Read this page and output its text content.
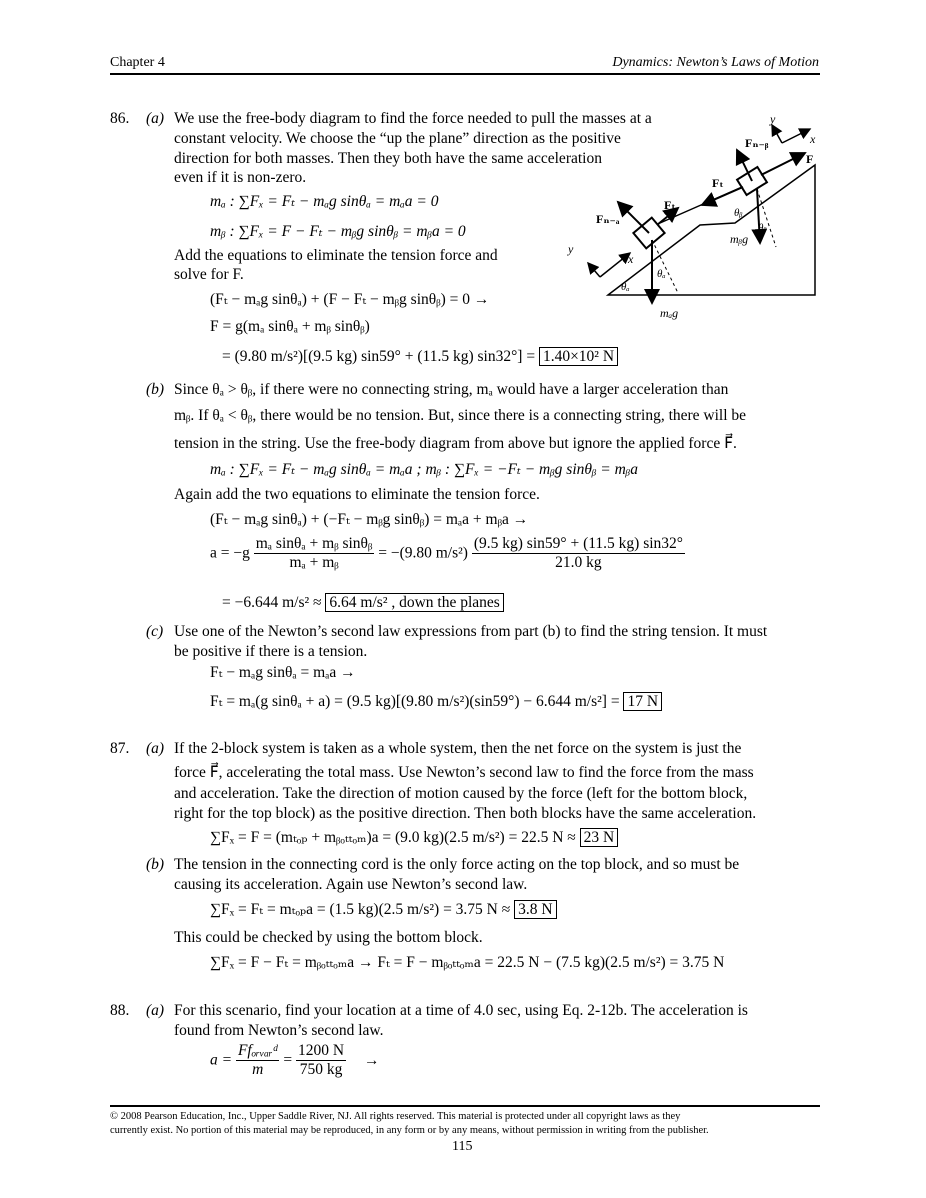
Chapter 4	Dynamics: Newton’s Laws of Motion
86. (a) We use the free-body diagram to find the force needed to pull the masses at a
constant velocity. We choose the “up the plane” direction as the positive
direction for both masses. Then they both have the same acceleration
even if it is non-zero.
mₐ : ∑Fₓ = Fₜ − mₐg sinθₐ = mₐa = 0
mᵦ : ∑Fₓ = F − Fₜ − mᵦg sinθᵦ = mᵦa = 0
Add the equations to eliminate the tension force and
solve for F.
(Fₜ − mₐg sinθₐ) + (F − Fₜ − mᵦg sinθᵦ) = 0 →
F = g(mₐ sinθₐ + mᵦ sinθᵦ)
= (9.80 m/s²)[(9.5 kg) sin59° + (11.5 kg) sin32°] = 1.40×10² N
y
x
y
x
Fₙ₋ᵦ
F
Fₜ
Fₜ
Fₙ₋ₐ	θᵦ
θᵦ
mᵦg
θₐ
θₐ
mₐg
(b) Since θₐ > θᵦ, if there were no connecting string, mₐ would have a larger acceleration than
mᵦ. If θₐ < θᵦ, there would be no tension. But, since there is a connecting string, there will be
tension in the string. Use the free-body diagram from above but ignore the applied force F⃗.
mₐ : ∑Fₓ = Fₜ − mₐg sinθₐ = mₐa ; mᵦ : ∑Fₓ = −Fₜ − mᵦg sinθᵦ = mᵦa
Again add the two equations to eliminate the tension force.
(Fₜ − mₐg sinθₐ) + (−Fₜ − mᵦg sinθᵦ) = mₐa + mᵦa →
$a = -g \frac{\text{mₐ sinθₐ + mᵦ sinθᵦ}}{\text{mₐ + mᵦ}} = -(9.80$ $m/s^2) \frac{(9.5 kg) \sin 59^\circ + (11.5 kg) \sin 32^\circ}{21.0 kg}$
= −6.644 m/s² ≈ 6.64 m/s² , down the planes
(c) Use one of the Newton’s second law expressions from part (b) to find the string tension. It must
be positive if there is a tension.
Fₜ − mₐg sinθₐ = mₐa →
Fₜ = mₐ(g sinθₐ + a) = (9.5 kg)[(9.80 m/s²)(sin59°) − 6.644 m/s²] = 17 N
87. (a) If the 2-block system is taken as a whole system, then the net force on the system is just the
force F⃗, accelerating the total mass. Use Newton’s second law to find the force from the mass
and acceleration. Take the direction of motion caused by the force (left for the bottom block,
right for the top block) as the positive direction. Then both blocks have the same acceleration.
∑Fₓ = F = (mₜₒₚ + mᵦₒₜₜₒₘ)a = (9.0 kg)(2.5 m/s²) = 22.5 N ≈ 23 N
(b) The tension in the connecting cord is the only force acting on the top block, and so must be
causing its acceleration. Again use Newton’s second law.
∑Fₓ = Fₜ = mₜₒₚa = (1.5 kg)(2.5 m/s²) = 3.75 N ≈ 3.8 N
This could be checked by using the bottom block.
∑Fₓ = F − Fₜ = mᵦₒₜₜₒₘa → Fₜ = F − mᵦₒₜₜₒₘa = 22.5 N − (7.5 kg)(2.5 m/s²) = 3.75 N
88. (a) For this scenario, find your location at a time of 4.0 sec, using Eq. 2-12b. The acceleration is
found from Newton’s second law.
$a = \frac{\text{Ffₒᵣᵥₐᵣᵈ}}{m} = \frac{1200 N}{750 kg}$ →
© 2008 Pearson Education, Inc., Upper Saddle River, NJ. All rights reserved. This material is protected under all copyright laws as they
currently exist. No portion of this material may be reproduced, in any form or by any means, without permission in writing from the publisher.
115
